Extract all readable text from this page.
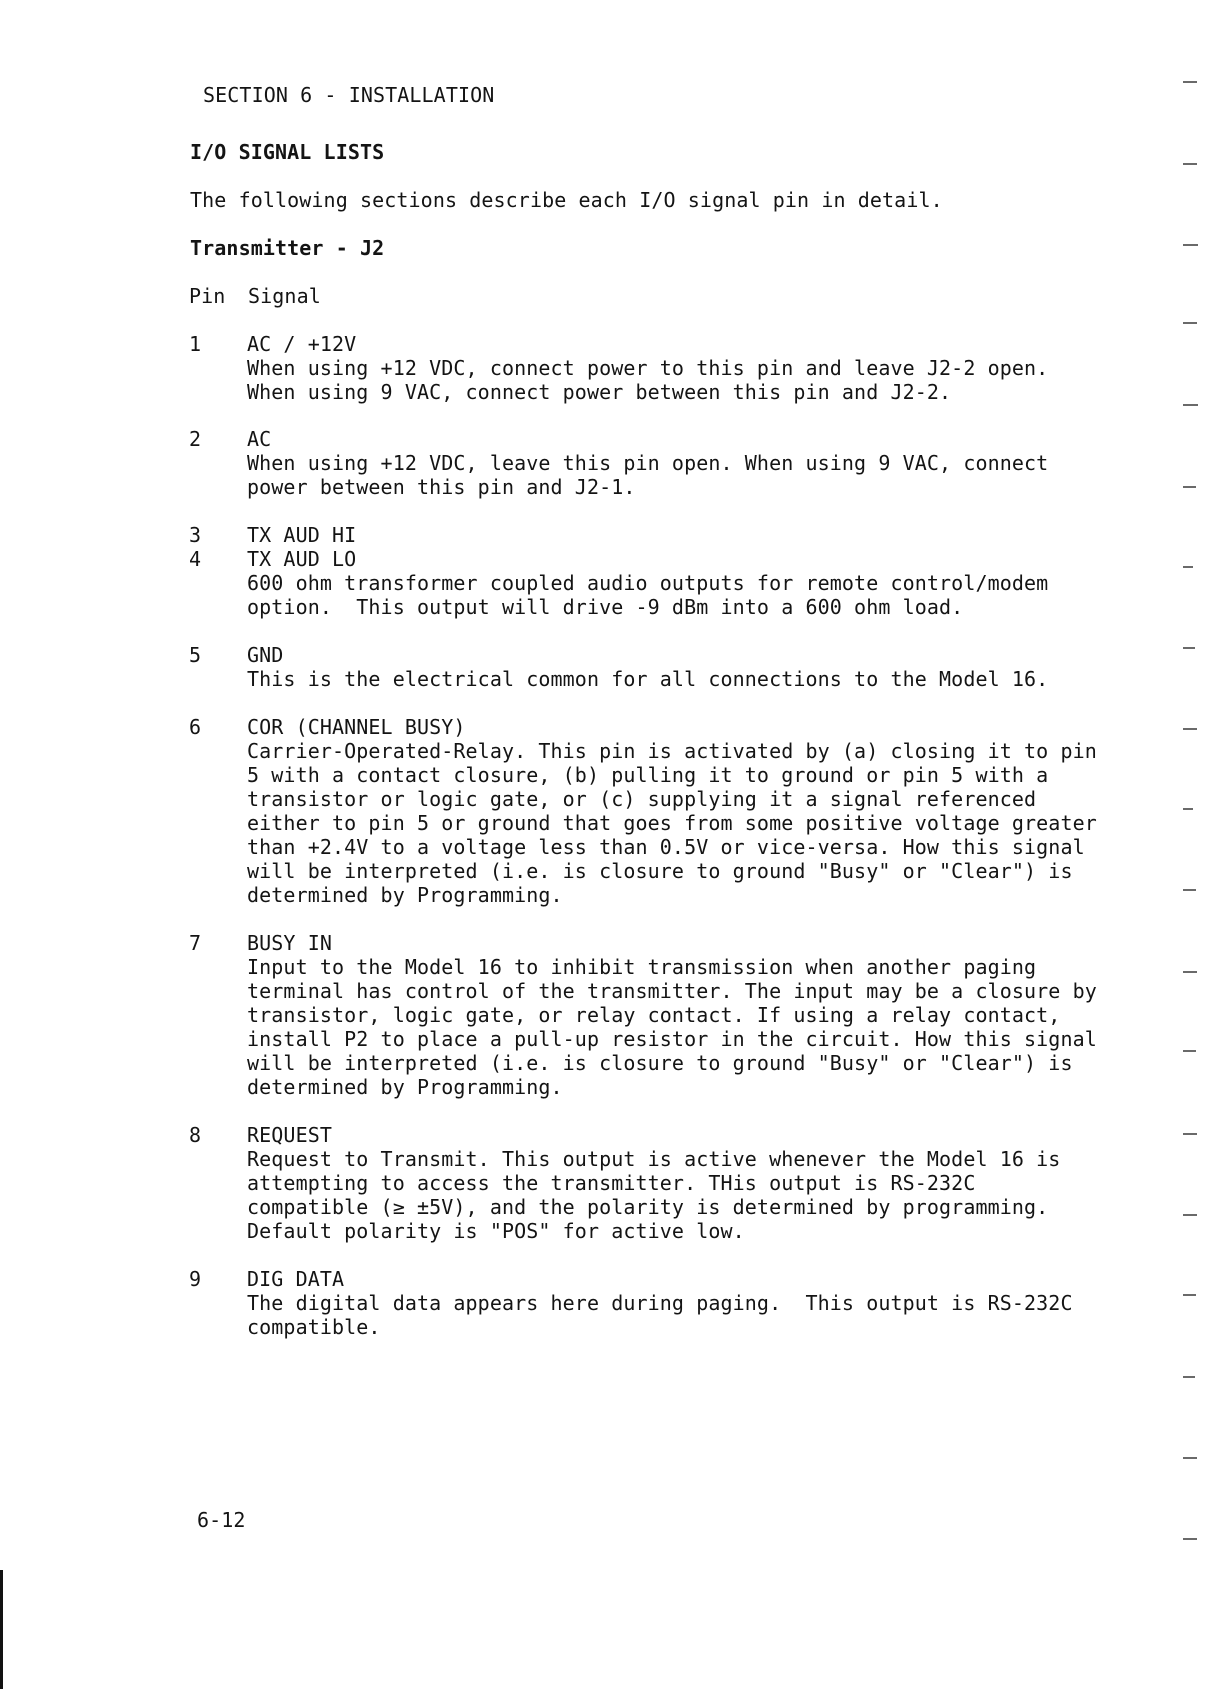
SECTION 6 - INSTALLATION
I/O SIGNAL LISTS
The following sections describe each I/O signal pin in detail.
Transmitter - J2
Pin Signal
1 AC / +12V
When using +12 VDC, connect power to this pin and leave J2-2 open.
When using 9 VAC, connect power between this pin and J2-2.
2 AC
When using +12 VDC, leave this pin open. When using 9 VAC, connect
power between this pin and J2-1.
3 TX AUD HI
4 TX AUD LO
600 ohm transformer coupled audio outputs for remote control/modem
option.  This output will drive -9 dBm into a 600 ohm load.
5 GND
This is the electrical common for all connections to the Model 16.
6 COR (CHANNEL BUSY)
Carrier-Operated-Relay. This pin is activated by (a) closing it to pin
5 with a contact closure, (b) pulling it to ground or pin 5 with a
transistor or logic gate, or (c) supplying it a signal referenced
either to pin 5 or ground that goes from some positive voltage greater
than +2.4V to a voltage less than 0.5V or vice-versa. How this signal
will be interpreted (i.e. is closure to ground "Busy" or "Clear") is
determined by Programming.
7 BUSY IN
Input to the Model 16 to inhibit transmission when another paging
terminal has control of the transmitter. The input may be a closure by
transistor, logic gate, or relay contact. If using a relay contact,
install P2 to place a pull-up resistor in the circuit. How this signal
will be interpreted (i.e. is closure to ground "Busy" or "Clear") is
determined by Programming.
8 REQUEST
Request to Transmit. This output is active whenever the Model 16 is
attempting to access the transmitter. THis output is RS-232C
compatible (≥ ±5V), and the polarity is determined by programming.
Default polarity is "POS" for active low.
9 DIG DATA
The digital data appears here during paging.  This output is RS-232C
compatible.
6-12
